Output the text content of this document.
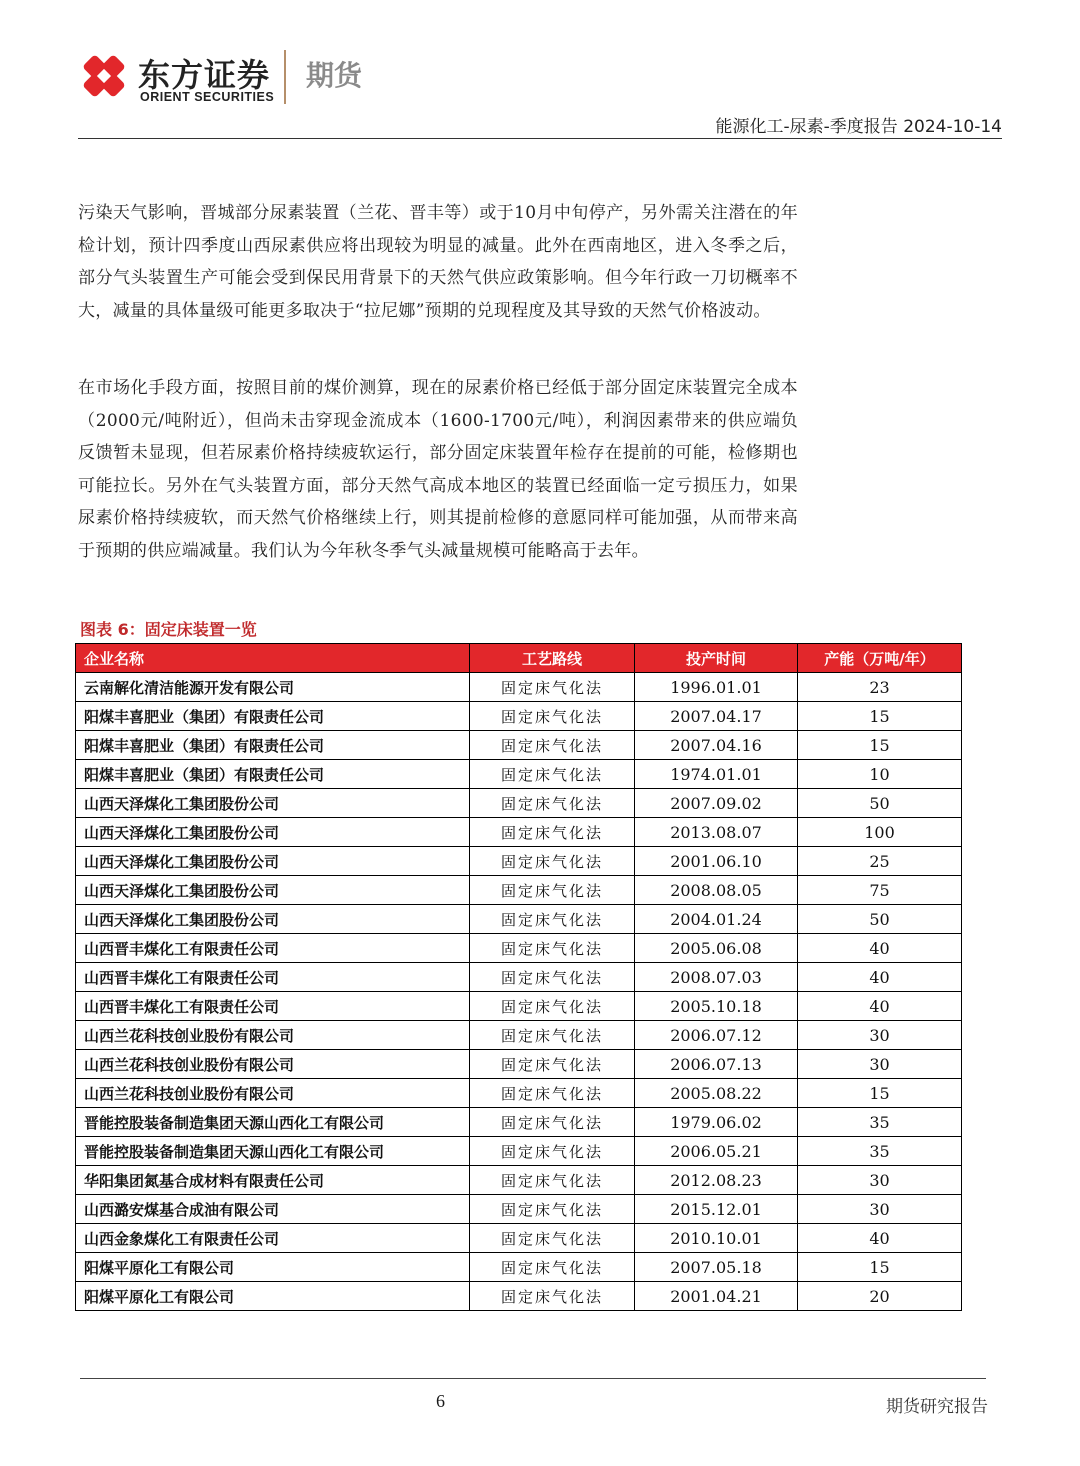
东方证券
ORIENT SECURITIES
期货
能源化工-尿素-季度报告 2024-10-14

污染天气影响，晋城部分尿素装置（兰花、晋丰等）或于10月中旬停产，另外需关注潜在的年检计划，预计四季度山西尿素供应将出现较为明显的减量。此外在西南地区，进入冬季之后，部分气头装置生产可能会受到保民用背景下的天然气供应政策影响。但今年行政一刀切概率不大，减量的具体量级可能更多取决于“拉尼娜”预期的兑现程度及其导致的天然气价格波动。

在市场化手段方面，按照目前的煤价测算，现在的尿素价格已经低于部分固定床装置完全成本（2000元/吨附近），但尚未击穿现金流成本（1600-1700元/吨），利润因素带来的供应端负反馈暂未显现，但若尿素价格持续疲软运行，部分固定床装置年检存在提前的可能，检修期也可能拉长。另外在气头装置方面，部分天然气高成本地区的装置已经面临一定亏损压力，如果尿素价格持续疲软，而天然气价格继续上行，则其提前检修的意愿同样可能加强，从而带来高于预期的供应端减量。我们认为今年秋冬季气头减量规模可能略高于去年。

图表 6：固定床装置一览
企业名称	工艺路线	投产时间	产能（万吨/年）
云南解化清洁能源开发有限公司	固定床气化法	1996.01.01	23
阳煤丰喜肥业（集团）有限责任公司	固定床气化法	2007.04.17	15
阳煤丰喜肥业（集团）有限责任公司	固定床气化法	2007.04.16	15
阳煤丰喜肥业（集团）有限责任公司	固定床气化法	1974.01.01	10
山西天泽煤化工集团股份公司	固定床气化法	2007.09.02	50
山西天泽煤化工集团股份公司	固定床气化法	2013.08.07	100
山西天泽煤化工集团股份公司	固定床气化法	2001.06.10	25
山西天泽煤化工集团股份公司	固定床气化法	2008.08.05	75
山西天泽煤化工集团股份公司	固定床气化法	2004.01.24	50
山西晋丰煤化工有限责任公司	固定床气化法	2005.06.08	40
山西晋丰煤化工有限责任公司	固定床气化法	2008.07.03	40
山西晋丰煤化工有限责任公司	固定床气化法	2005.10.18	40
山西兰花科技创业股份有限公司	固定床气化法	2006.07.12	30
山西兰花科技创业股份有限公司	固定床气化法	2006.07.13	30
山西兰花科技创业股份有限公司	固定床气化法	2005.08.22	15
晋能控股装备制造集团天源山西化工有限公司	固定床气化法	1979.06.02	35
晋能控股装备制造集团天源山西化工有限公司	固定床气化法	2006.05.21	35
华阳集团氮基合成材料有限责任公司	固定床气化法	2012.08.23	30
山西潞安煤基合成油有限公司	固定床气化法	2015.12.01	30
山西金象煤化工有限责任公司	固定床气化法	2010.10.01	40
阳煤平原化工有限公司	固定床气化法	2007.05.18	15
阳煤平原化工有限公司	固定床气化法	2001.04.21	20
6	期货研究报告
